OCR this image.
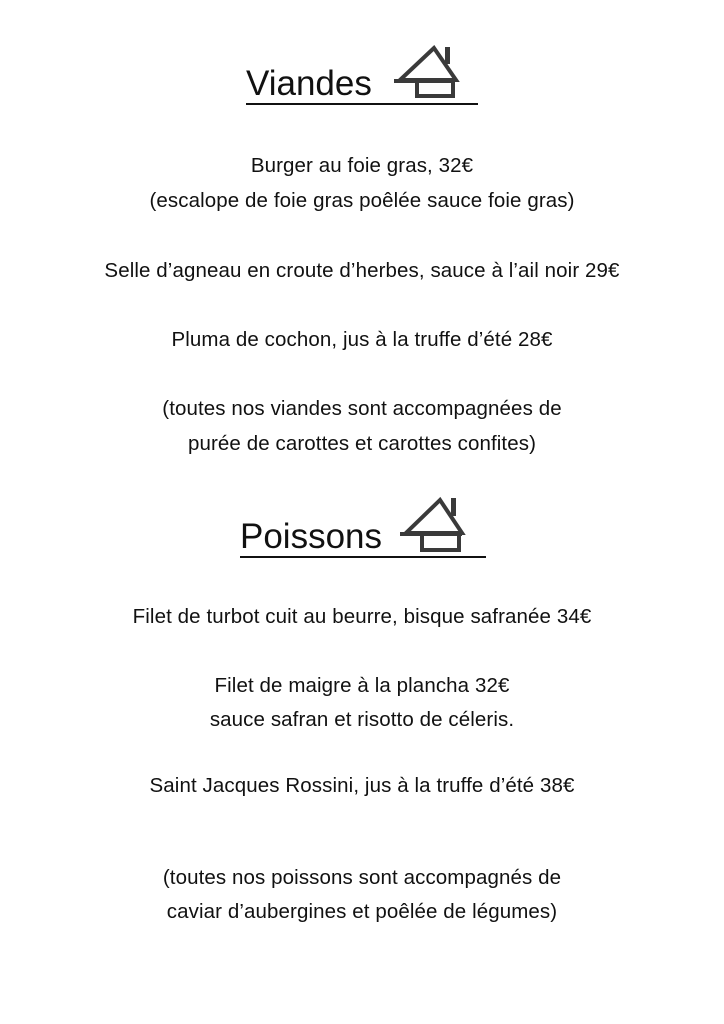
Viandes
Burger au foie gras, 32€
(escalope de foie gras poêlée sauce foie gras)
Selle d’agneau en croute d’herbes, sauce à l’ail noir 29€
Pluma de cochon, jus à la truffe d’été 28€
(toutes nos viandes sont accompagnées de
purée de carottes et carottes confites)
Poissons
Filet de turbot cuit au beurre, bisque safranée 34€
Filet de maigre à la plancha 32€
sauce safran et risotto de céleris.
Saint Jacques Rossini, jus à la truffe d’été 38€
(toutes nos poissons sont accompagnés de
caviar d’aubergines et poêlée de légumes)
